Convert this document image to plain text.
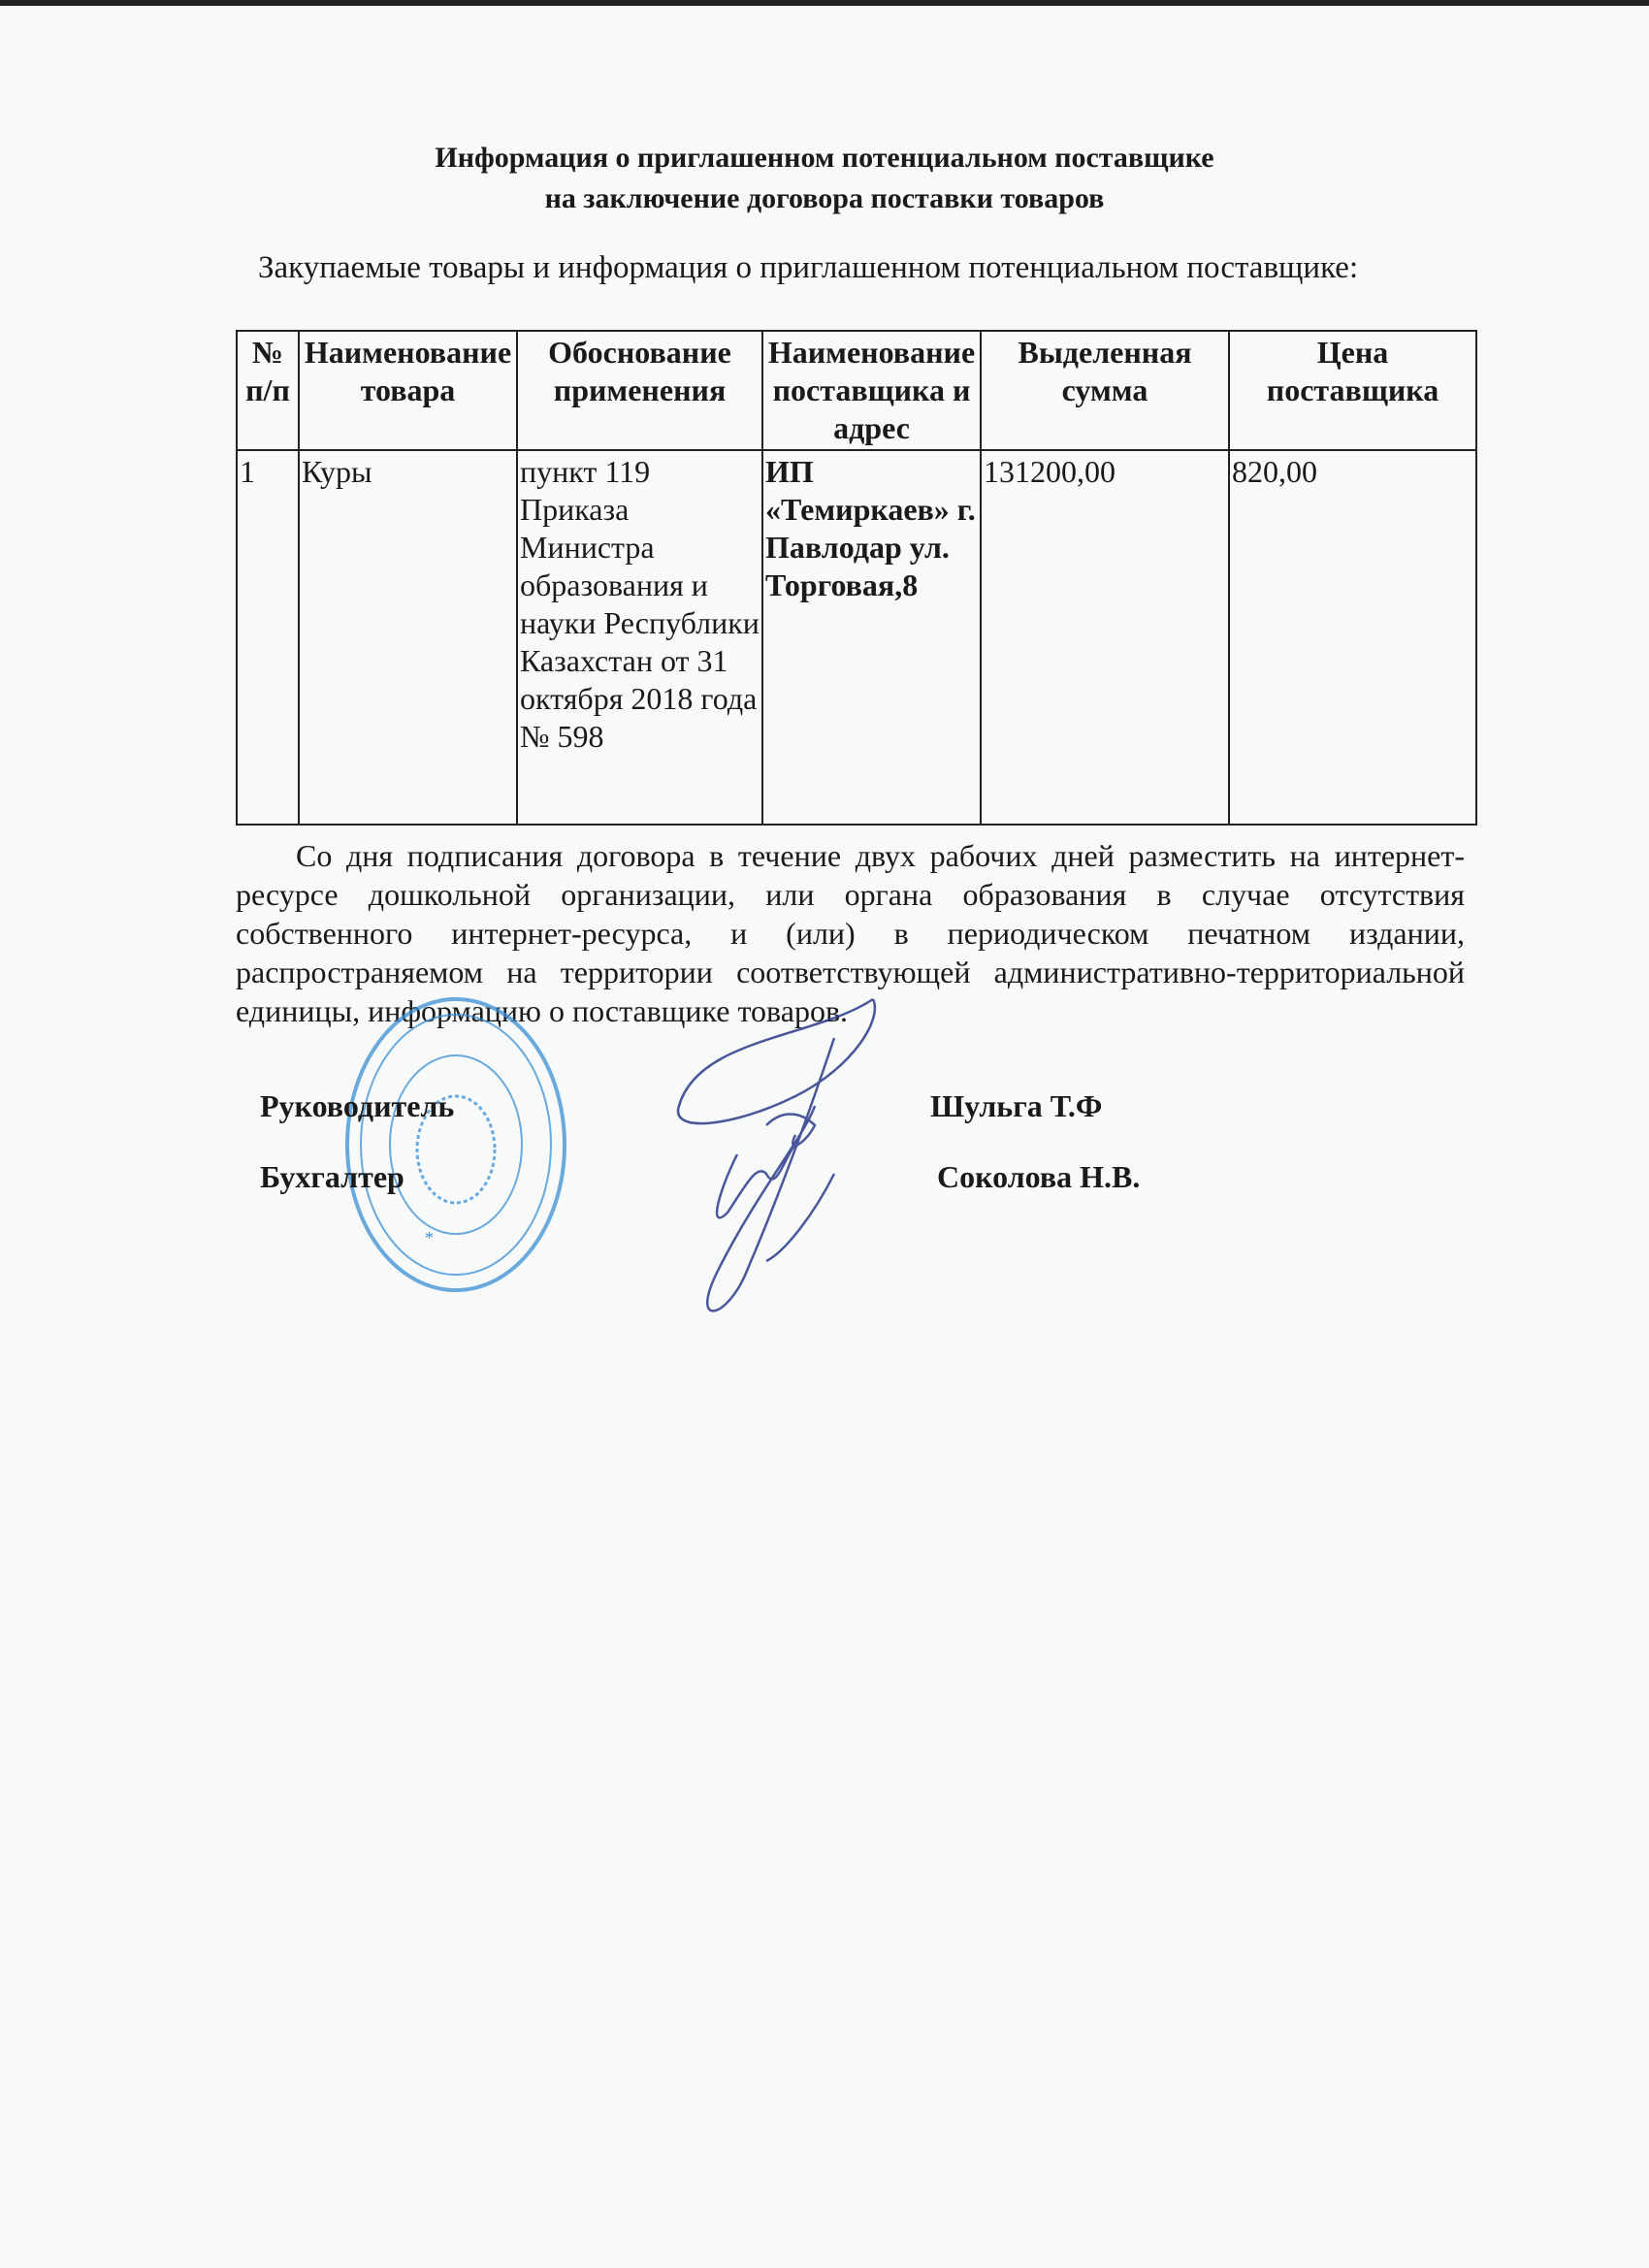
Информация о приглашенном потенциальном поставщике
на заключение договора поставки товаров
Закупаемые товары и информация о приглашенном потенциальном поставщике:
№ п/п	Наименование товара	Обоснование применения	Наименование поставщика и адрес	Выделенная сумма	Цена поставщика
1	Куры	пункт 119 Приказа Министра образования и науки Республики Казахстан от 31 октября 2018 года № 598	ИП «Темиркаев» г. Павлодар ул. Торговая,8	131200,00	820,00
Со дня подписания договора в течение двух рабочих дней разместить на интернет-ресурсе дошкольной организации, или органа образования в случае отсутствия собственного интернет-ресурса, и (или) в периодическом печатном издании, распространяемом на территории соответствующей административно-территориальной единицы, информацию о поставщике товаров.
*
Руководитель	Шульга Т.Ф
Бухгалтер	Соколова Н.В.
